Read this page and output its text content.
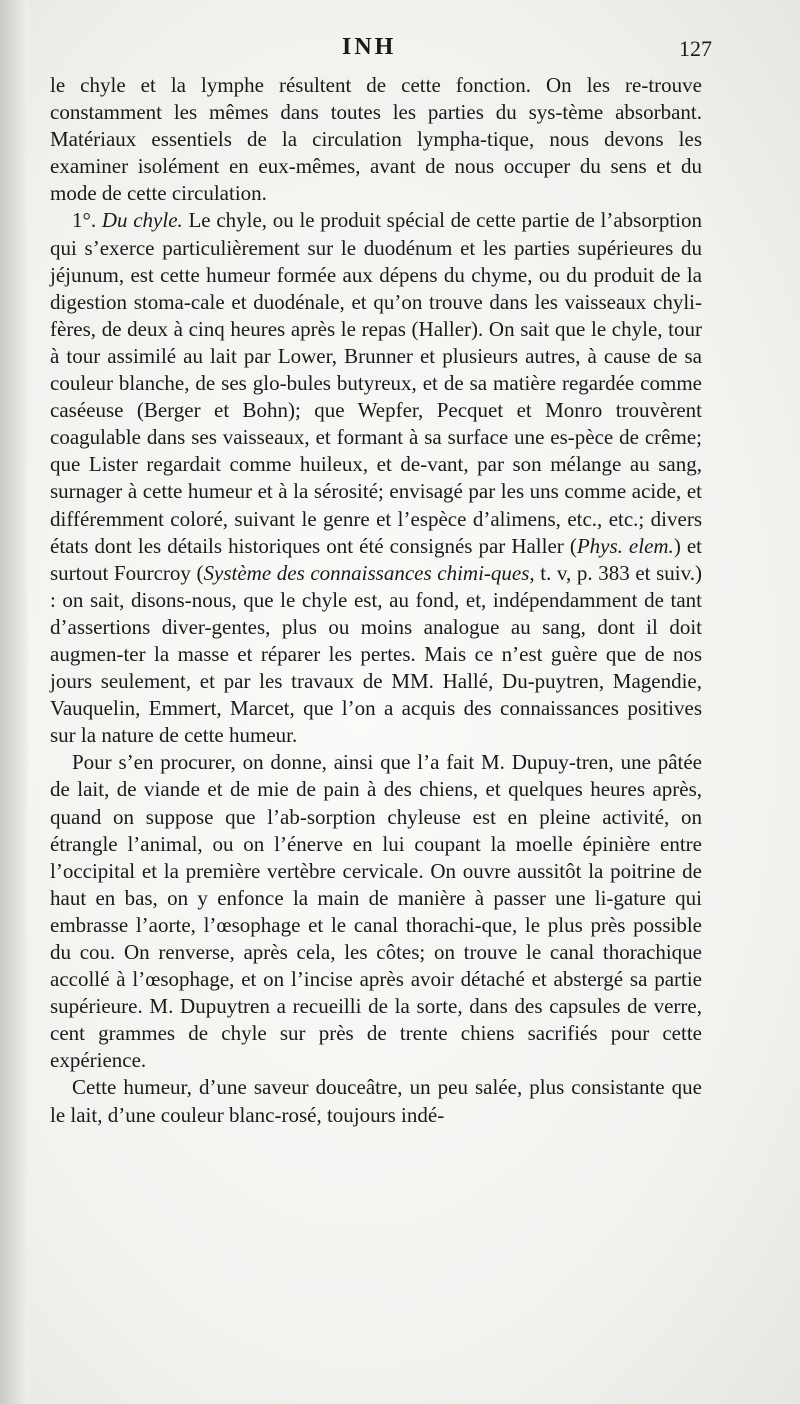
INH	127

le chyle et la lymphe résultent de cette fonction. On les re-trouve constamment les mêmes dans toutes les parties du sys-tème absorbant. Matériaux essentiels de la circulation lympha-tique, nous devons les examiner isolément en eux-mêmes, avant de nous occuper du sens et du mode de cette circulation.

1°. Du chyle. Le chyle, ou le produit spécial de cette partie de l’absorption qui s’exerce particulièrement sur le duodénum et les parties supérieures du jéjunum, est cette humeur formée aux dépens du chyme, ou du produit de la digestion stoma-cale et duodénale, et qu’on trouve dans les vaisseaux chyli-fères, de deux à cinq heures après le repas (Haller). On sait que le chyle, tour à tour assimilé au lait par Lower, Brunner et plusieurs autres, à cause de sa couleur blanche, de ses glo-bules butyreux, et de sa matière regardée comme caséeuse (Berger et Bohn); que Wepfer, Pecquet et Monro trouvèrent coagulable dans ses vaisseaux, et formant à sa surface une es-pèce de crême; que Lister regardait comme huileux, et de-vant, par son mélange au sang, surnager à cette humeur et à la sérosité; envisagé par les uns comme acide, et différemment coloré, suivant le genre et l’espèce d’alimens, etc., etc.; divers états dont les détails historiques ont été consignés par Haller (Phys. elem.) et surtout Fourcroy (Système des connaissances chimi-ques, t. v, p. 383 et suiv.) : on sait, disons-nous, que le chyle est, au fond, et, indépendamment de tant d’assertions diver-gentes, plus ou moins analogue au sang, dont il doit augmen-ter la masse et réparer les pertes. Mais ce n’est guère que de nos jours seulement, et par les travaux de MM. Hallé, Du-puytren, Magendie, Vauquelin, Emmert, Marcet, que l’on a acquis des connaissances positives sur la nature de cette humeur.

Pour s’en procurer, on donne, ainsi que l’a fait M. Dupuy-tren, une pâtée de lait, de viande et de mie de pain à des chiens, et quelques heures après, quand on suppose que l’ab-sorption chyleuse est en pleine activité, on étrangle l’animal, ou on l’énerve en lui coupant la moelle épinière entre l’occipital et la première vertèbre cervicale. On ouvre aussitôt la poitrine de haut en bas, on y enfonce la main de manière à passer une li-gature qui embrasse l’aorte, l’œsophage et le canal thorachi-que, le plus près possible du cou. On renverse, après cela, les côtes; on trouve le canal thorachique accollé à l’œsophage, et on l’incise après avoir détaché et abstergé sa partie supérieure. M. Dupuytren a recueilli de la sorte, dans des capsules de verre, cent grammes de chyle sur près de trente chiens sacrifiés pour cette expérience.

Cette humeur, d’une saveur douceâtre, un peu salée, plus consistante que le lait, d’une couleur blanc-rosé, toujours indé-
